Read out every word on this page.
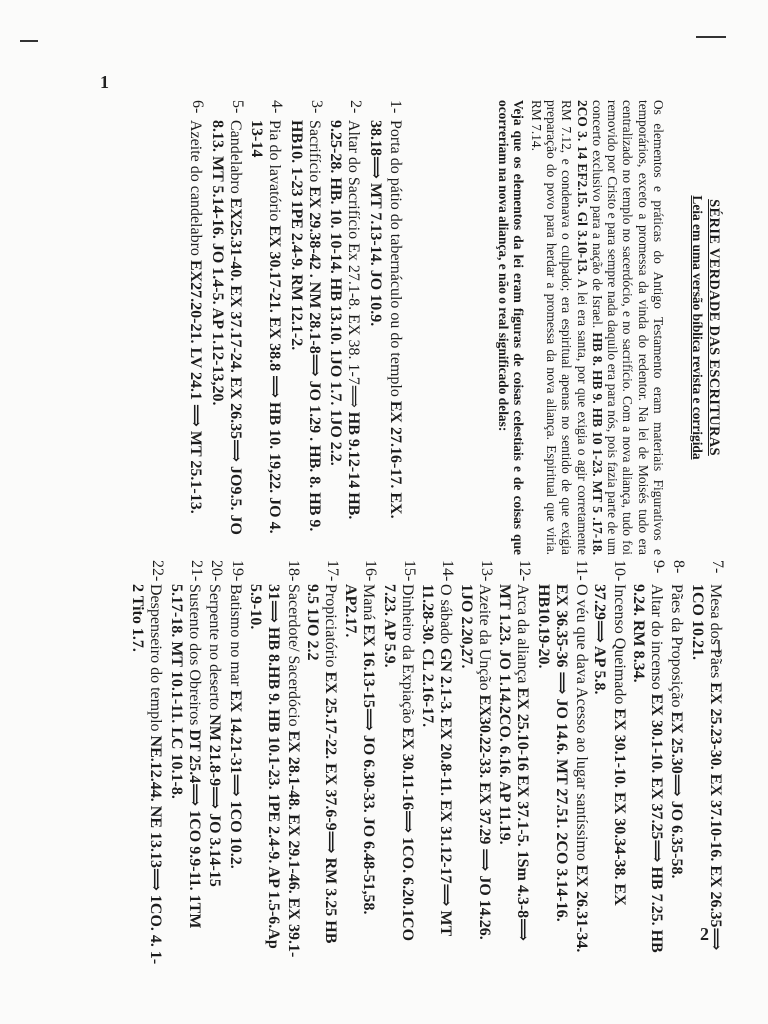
1
2
SÉRIE VERDADE DAS ESCRITURAS
Leia em uma versão bíblica revista e corrigida
Os elementos e práticas do Antigo Testamento eram materiais Figurativos e temporários, exceto a promessa da vinda do redentor. Na lei de Moisés tudo era centralizado no templo no sacerdócio, e no sacrifício. Com a nova aliança, tudo foi removido por Cristo e para sempre nada daquilo era para nós, pois fazia parte de um concerto exclusivo para a nação de Israel. HB 8. HB 9. HB 10 1-23. MT 5 .17-18. 2CO 3. 14 EF2.15. Gl 3.10-13. A lei era santa, por que exigia o agir corretamente RM 7.12, e condenava o culpado; era espiritual apenas no sentido de que exigia preparação do povo para herdar a promessa da nova aliança. Espiritual que viria. RM 7.14.
Veja que os elementos da lei eram figuras de coisas celestiais e de coisas que ocorreriam na nova aliança, e não o real significado delas:
1-
Porta do pátio do tabernáculo ou do templo EX 27.16-17. EX. 38.18⟹ MT 7.13-14. JO 10.9.
2-
Altar do Sacrifício Ex 27.1-8. EX 38. 1-7⟹ HB 9.12-14 HB. 9.25-28. HB. 10. 10-14. HB 13.10. 1JO 1.7. 1JO 2.2.
3-
Sacrifício EX 29.38-42 . NM 28.1-8⟹ JO 1.29 . HB. 8. HB 9. HB10. 1-23 1PE 2.4-9. RM 12.1-2.
4-
Pia do lavatório EX 30.17-21. EX 38.8 ⟹ HB 10. 19,22. JO 4. 13-14
5-
Candelabro EX25.31-40. EX 37.17-24. EX 26.35⟹ JO9.5. JO 8.13. MT 5.14-16. JO 1.4-5. AP 1.12-13,20.
6-
Azeite do candelabro EX27.20-21. LV 24.1 ⟹ MT 25.1-13.
7-
Mesa dos Pães EX 25.23-30. EX 37.10-16. EX 26.35⟹ 1CO 10.21.
8-
Pães da Proposição EX 25.30⟹ JO 6.35-58.
9-
Altar do incenso EX 30.1-10. EX 37.25⟹ HB 7.25. HB 9.24. RM 8.34.
10-
Incenso Queimado EX 30.1-10. EX 30.34-38. EX 37.29⟹ AP 5.8.
11-
O véu que dava Acesso ao lugar santíssimo EX 26.31-34. EX 36.35-36 ⟹ JO 14.6. MT 27.51. 2CO 3.14-16. HB10.19-20.
12-
Arca da aliança EX 25.10-16 EX 37.1-5. 1Sm 4.3-8⟹ MT 1.23. JO 1.14.2CO. 6.16. AP 11.19.
13-
Azeite da Unção EX30.22-33. EX 37.29 ⟹ JO 14.26. 1JO 2.20,27.
14-
O sábado GN 2.1-3. EX 20.8-11. EX 31.12-17⟹ MT 11.28-30. CL 2.16-17.
15-
Dinheiro da Expiação EX 30.11-16⟹ 1CO. 6.20.1CO 7.23. AP 5.9.
16-
Maná EX 16.13-15⟹ JO 6.30-33. JO 6.48-51,58. AP2.17.
17-
Propiciatório EX 25.17-22. EX 37.6-9⟹ RM 3.25 HB 9.5 1JO 2.2
18-
Sacerdote/ Sacerdócio EX 28.1-48. EX 29.1-46. EX 39.1-31⟹ HB 8.HB 9. HB 10.1-23. 1PE 2.4-9. AP 1.5-6.Ap 5.9-10.
19-
Batismo no mar EX 14.21-31⟹ 1CO 10.2.
20-
Serpente no deserto NM 21.8-9⟹ JO 3.14-15
21-
Sustento dos Obreiros DT 25.4⟹ 1CO 9.9-11. 1TM 5.17-18. MT 10.1-11. LC 10.1-8.
22-
Despenseiro do templo NE.12.44. NE 13.13⟹ 1CO. 4. 1-2 Tito 1.7.
